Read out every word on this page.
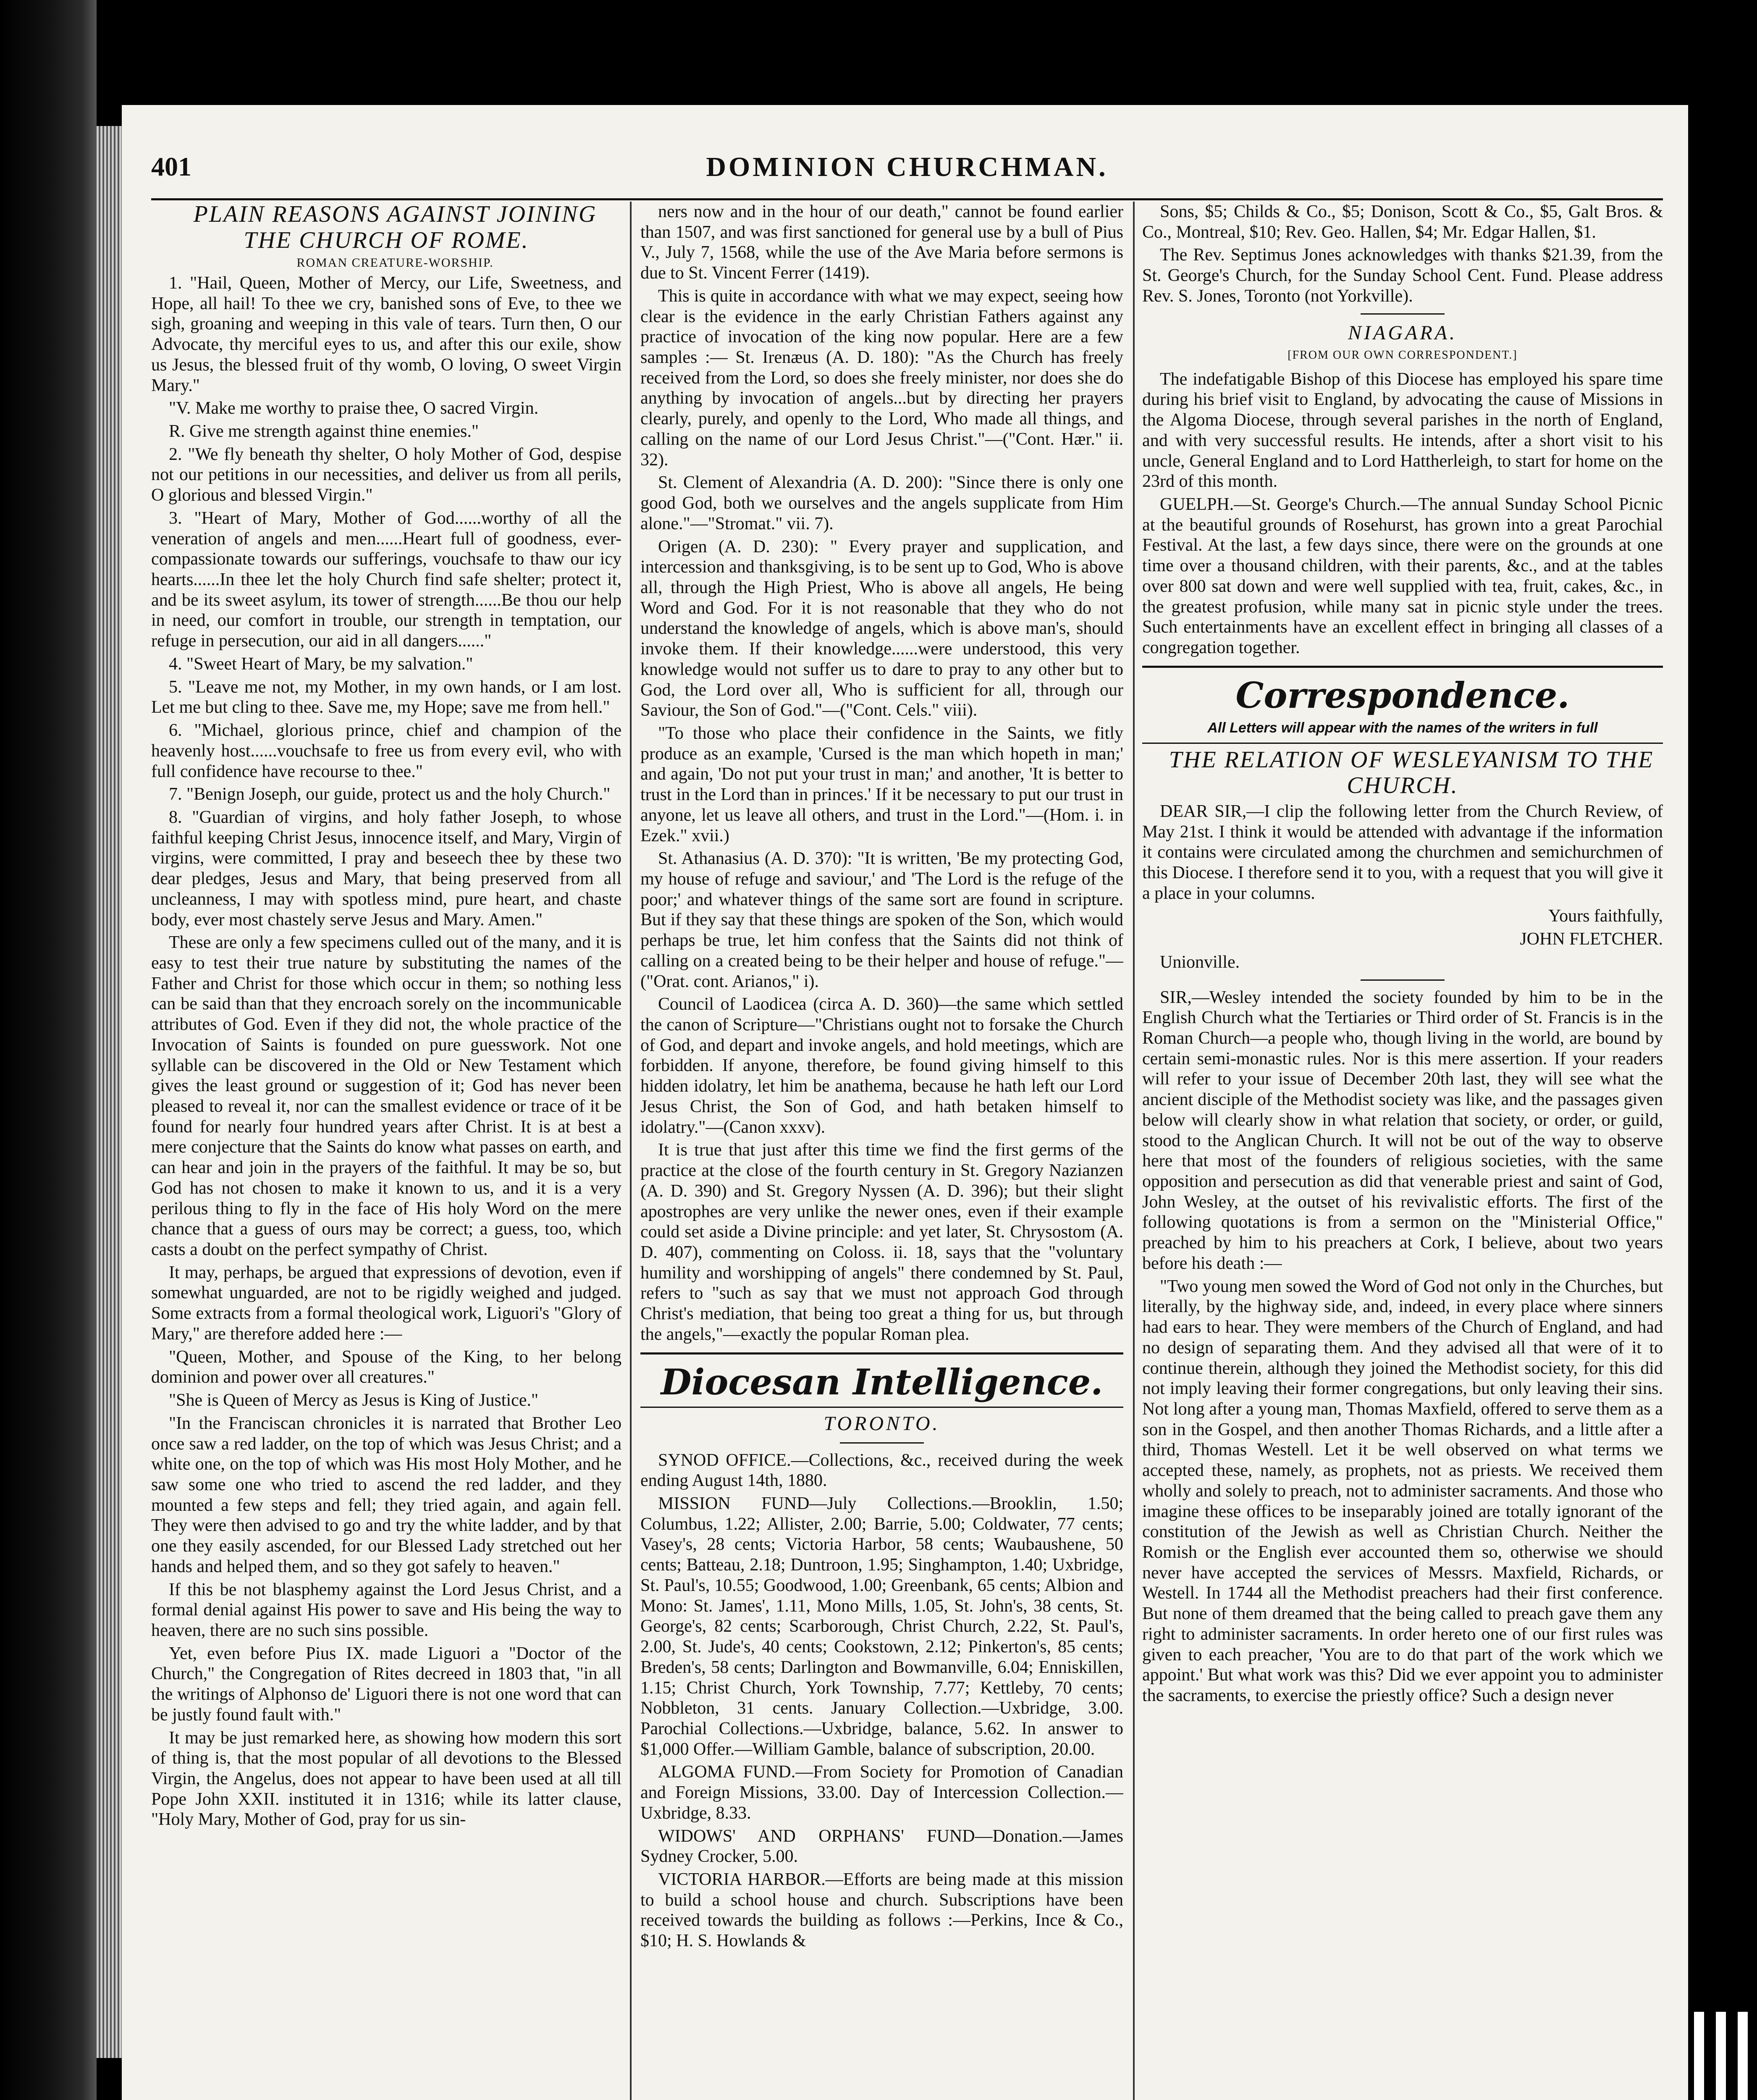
401	DOMINION CHURCHMAN.

PLAIN REASONS AGAINST JOINING THE CHURCH OF ROME.

ROMAN CREATURE-WORSHIP.

1. "Hail, Queen, Mother of Mercy, our Life, Sweetness, and Hope, all hail! To thee we cry, banished sons of Eve, to thee we sigh, groaning and weeping in this vale of tears. Turn then, O our Advocate, thy merciful eyes to us, and after this our exile, show us Jesus, the blessed fruit of thy womb, O loving, O sweet Virgin Mary."

"V. Make me worthy to praise thee, O sacred Virgin.

R. Give me strength against thine enemies."

2. "We fly beneath thy shelter, O holy Mother of God, despise not our petitions in our necessities, and deliver us from all perils, O glorious and blessed Virgin."

3. "Heart of Mary, Mother of God......worthy of all the veneration of angels and men......Heart full of goodness, ever-compassionate towards our sufferings, vouchsafe to thaw our icy hearts......In thee let the holy Church find safe shelter; protect it, and be its sweet asylum, its tower of strength......Be thou our help in need, our comfort in trouble, our strength in temptation, our refuge in persecution, our aid in all dangers......"

4. "Sweet Heart of Mary, be my salvation."

5. "Leave me not, my Mother, in my own hands, or I am lost. Let me but cling to thee. Save me, my Hope; save me from hell."

6. "Michael, glorious prince, chief and champion of the heavenly host......vouchsafe to free us from every evil, who with full confidence have recourse to thee."

7. "Benign Joseph, our guide, protect us and the holy Church."

8. "Guardian of virgins, and holy father Joseph, to whose faithful keeping Christ Jesus, innocence itself, and Mary, Virgin of virgins, were committed, I pray and beseech thee by these two dear pledges, Jesus and Mary, that being preserved from all uncleanness, I may with spotless mind, pure heart, and chaste body, ever most chastely serve Jesus and Mary. Amen."

These are only a few specimens culled out of the many, and it is easy to test their true nature by substituting the names of the Father and Christ for those which occur in them; so nothing less can be said than that they encroach sorely on the incommunicable attributes of God. Even if they did not, the whole practice of the Invocation of Saints is founded on pure guesswork. Not one syllable can be discovered in the Old or New Testament which gives the least ground or suggestion of it; God has never been pleased to reveal it, nor can the smallest evidence or trace of it be found for nearly four hundred years after Christ. It is at best a mere conjecture that the Saints do know what passes on earth, and can hear and join in the prayers of the faithful. It may be so, but God has not chosen to make it known to us, and it is a very perilous thing to fly in the face of His holy Word on the mere chance that a guess of ours may be correct; a guess, too, which casts a doubt on the perfect sympathy of Christ.

It may, perhaps, be argued that expressions of devotion, even if somewhat unguarded, are not to be rigidly weighed and judged. Some extracts from a formal theological work, Liguori's "Glory of Mary," are therefore added here :—

"Queen, Mother, and Spouse of the King, to her belong dominion and power over all creatures."

"She is Queen of Mercy as Jesus is King of Justice."

"In the Franciscan chronicles it is narrated that Brother Leo once saw a red ladder, on the top of which was Jesus Christ; and a white one, on the top of which was His most Holy Mother, and he saw some one who tried to ascend the red ladder, and they mounted a few steps and fell; they tried again, and again fell. They were then advised to go and try the white ladder, and by that one they easily ascended, for our Blessed Lady stretched out her hands and helped them, and so they got safely to heaven."

If this be not blasphemy against the Lord Jesus Christ, and a formal denial against His power to save and His being the way to heaven, there are no such sins possible.

Yet, even before Pius IX. made Liguori a "Doctor of the Church," the Congregation of Rites decreed in 1803 that, "in all the writings of Alphonso de' Liguori there is not one word that can be justly found fault with."

It may be just remarked here, as showing how modern this sort of thing is, that the most popular of all devotions to the Blessed Virgin, the Angelus, does not appear to have been used at all till Pope John XXII. instituted it in 1316; while its latter clause, "Holy Mary, Mother of God, pray for us sin-

ners now and in the hour of our death," cannot be found earlier than 1507, and was first sanctioned for general use by a bull of Pius V., July 7, 1568, while the use of the Ave Maria before sermons is due to St. Vincent Ferrer (1419).

This is quite in accordance with what we may expect, seeing how clear is the evidence in the early Christian Fathers against any practice of invocation of the king now popular. Here are a few samples :— St. Irenæus (A. D. 180): "As the Church has freely received from the Lord, so does she freely minister, nor does she do anything by invocation of angels...but by directing her prayers clearly, purely, and openly to the Lord, Who made all things, and calling on the name of our Lord Jesus Christ."—("Cont. Hær." ii. 32).

St. Clement of Alexandria (A. D. 200): "Since there is only one good God, both we ourselves and the angels supplicate from Him alone."—"Stromat." vii. 7).

Origen (A. D. 230): " Every prayer and supplication, and intercession and thanksgiving, is to be sent up to God, Who is above all, through the High Priest, Who is above all angels, He being Word and God. For it is not reasonable that they who do not understand the knowledge of angels, which is above man's, should invoke them. If their knowledge......were understood, this very knowledge would not suffer us to dare to pray to any other but to God, the Lord over all, Who is sufficient for all, through our Saviour, the Son of God."—("Cont. Cels." viii).

"To those who place their confidence in the Saints, we fitly produce as an example, 'Cursed is the man which hopeth in man;' and again, 'Do not put your trust in man;' and another, 'It is better to trust in the Lord than in princes.' If it be necessary to put our trust in anyone, let us leave all others, and trust in the Lord."—(Hom. i. in Ezek." xvii.)

St. Athanasius (A. D. 370): "It is written, 'Be my protecting God, my house of refuge and saviour,' and 'The Lord is the refuge of the poor;' and whatever things of the same sort are found in scripture. But if they say that these things are spoken of the Son, which would perhaps be true, let him confess that the Saints did not think of calling on a created being to be their helper and house of refuge."—("Orat. cont. Arianos," i).

Council of Laodicea (circa A. D. 360)—the same which settled the canon of Scripture—"Christians ought not to forsake the Church of God, and depart and invoke angels, and hold meetings, which are forbidden. If anyone, therefore, be found giving himself to this hidden idolatry, let him be anathema, because he hath left our Lord Jesus Christ, the Son of God, and hath betaken himself to idolatry."—(Canon xxxv).

It is true that just after this time we find the first germs of the practice at the close of the fourth century in St. Gregory Nazianzen (A. D. 390) and St. Gregory Nyssen (A. D. 396); but their slight apostrophes are very unlike the newer ones, even if their example could set aside a Divine principle: and yet later, St. Chrysostom (A. D. 407), commenting on Coloss. ii. 18, says that the "voluntary humility and worshipping of angels" there condemned by St. Paul, refers to "such as say that we must not approach God through Christ's mediation, that being too great a thing for us, but through the angels,"—exactly the popular Roman plea.

Diocesan Intelligence.
TORONTO.

SYNOD OFFICE.—Collections, &c., received during the week ending August 14th, 1880.

MISSION FUND—July Collections.—Brooklin, 1.50; Columbus, 1.22; Allister, 2.00; Barrie, 5.00; Coldwater, 77 cents; Vasey's, 28 cents; Victoria Harbor, 58 cents; Waubaushene, 50 cents; Batteau, 2.18; Duntroon, 1.95; Singhampton, 1.40; Uxbridge, St. Paul's, 10.55; Goodwood, 1.00; Greenbank, 65 cents; Albion and Mono: St. James', 1.11, Mono Mills, 1.05, St. John's, 38 cents, St. George's, 82 cents; Scarborough, Christ Church, 2.22, St. Paul's, 2.00, St. Jude's, 40 cents; Cookstown, 2.12; Pinkerton's, 85 cents; Breden's, 58 cents; Darlington and Bowmanville, 6.04; Enniskillen, 1.15; Christ Church, York Township, 7.77; Kettleby, 70 cents; Nobbleton, 31 cents. January Collection.—Uxbridge, 3.00. Parochial Collections.—Uxbridge, balance, 5.62. In answer to $1,000 Offer.—William Gamble, balance of subscription, 20.00.

ALGOMA FUND.—From Society for Promotion of Canadian and Foreign Missions, 33.00. Day of Intercession Collection.—Uxbridge, 8.33.

WIDOWS' AND ORPHANS' FUND—Donation.—James Sydney Crocker, 5.00.

VICTORIA HARBOR.—Efforts are being made at this mission to build a school house and church. Subscriptions have been received towards the building as follows :—Perkins, Ince & Co., $10; H. S. Howlands &

Sons, $5; Childs & Co., $5; Donison, Scott & Co., $5, Galt Bros. & Co., Montreal, $10; Rev. Geo. Hallen, $4; Mr. Edgar Hallen, $1.

The Rev. Septimus Jones acknowledges with thanks $21.39, from the St. George's Church, for the Sunday School Cent. Fund. Please address Rev. S. Jones, Toronto (not Yorkville).

NIAGARA.
[FROM OUR OWN CORRESPONDENT.]

The indefatigable Bishop of this Diocese has employed his spare time during his brief visit to England, by advocating the cause of Missions in the Algoma Diocese, through several parishes in the north of England, and with very successful results. He intends, after a short visit to his uncle, General England and to Lord Hattherleigh, to start for home on the 23rd of this month.

GUELPH.—St. George's Church.—The annual Sunday School Picnic at the beautiful grounds of Rosehurst, has grown into a great Parochial Festival. At the last, a few days since, there were on the grounds at one time over a thousand children, with their parents, &c., and at the tables over 800 sat down and were well supplied with tea, fruit, cakes, &c., in the greatest profusion, while many sat in picnic style under the trees. Such entertainments have an excellent effect in bringing all classes of a congregation together.

Correspondence.
All Letters will appear with the names of the writers in full

THE RELATION OF WESLEYANISM TO THE CHURCH.

DEAR SIR,—I clip the following letter from the Church Review, of May 21st. I think it would be attended with advantage if the information it contains were circulated among the churchmen and semichurchmen of this Diocese. I therefore send it to you, with a request that you will give it a place in your columns.

Yours faithfully,

JOHN FLETCHER.

Unionville.

SIR,—Wesley intended the society founded by him to be in the English Church what the Tertiaries or Third order of St. Francis is in the Roman Church—a people who, though living in the world, are bound by certain semi-monastic rules. Nor is this mere assertion. If your readers will refer to your issue of December 20th last, they will see what the ancient disciple of the Methodist society was like, and the passages given below will clearly show in what relation that society, or order, or guild, stood to the Anglican Church. It will not be out of the way to observe here that most of the founders of religious societies, with the same opposition and persecution as did that venerable priest and saint of God, John Wesley, at the outset of his revivalistic efforts. The first of the following quotations is from a sermon on the "Ministerial Office," preached by him to his preachers at Cork, I believe, about two years before his death :—

"Two young men sowed the Word of God not only in the Churches, but literally, by the highway side, and, indeed, in every place where sinners had ears to hear. They were members of the Church of England, and had no design of separating them. And they advised all that were of it to continue therein, although they joined the Methodist society, for this did not imply leaving their former congregations, but only leaving their sins. Not long after a young man, Thomas Maxfield, offered to serve them as a son in the Gospel, and then another Thomas Richards, and a little after a third, Thomas Westell. Let it be well observed on what terms we accepted these, namely, as prophets, not as priests. We received them wholly and solely to preach, not to administer sacraments. And those who imagine these offices to be inseparably joined are totally ignorant of the constitution of the Jewish as well as Christian Church. Neither the Romish or the English ever accounted them so, otherwise we should never have accepted the services of Messrs. Maxfield, Richards, or Westell. In 1744 all the Methodist preachers had their first conference. But none of them dreamed that the being called to preach gave them any right to administer sacraments. In order hereto one of our first rules was given to each preacher, 'You are to do that part of the work which we appoint.' But what work was this? Did we ever appoint you to administer the sacraments, to exercise the priestly office? Such a design never
